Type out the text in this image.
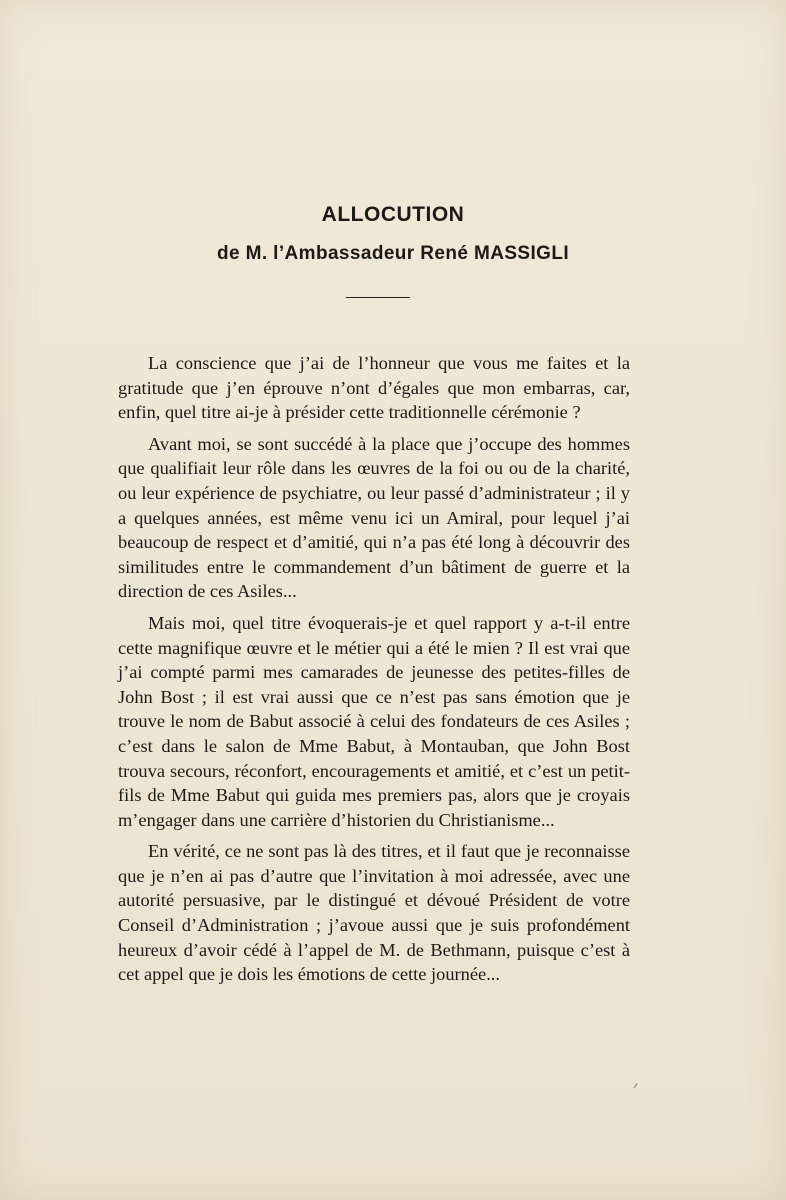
ALLOCUTION
de M. l’Ambassadeur René MASSIGLI

La conscience que j’ai de l’honneur que vous me faites et la gratitude que j’en éprouve n’ont d’égales que mon embarras, car, enfin, quel titre ai-je à présider cette traditionnelle cérémonie ?

Avant moi, se sont succédé à la place que j’occupe des hommes que qualifiait leur rôle dans les œuvres de la foi ou ou de la charité, ou leur expérience de psychiatre, ou leur passé d’administrateur ; il y a quelques années, est même venu ici un Amiral, pour lequel j’ai beaucoup de respect et d’amitié, qui n’a pas été long à découvrir des similitudes entre le commandement d’un bâtiment de guerre et la direction de ces Asiles...

Mais moi, quel titre évoquerais-je et quel rapport y a-t-il entre cette magnifique œuvre et le métier qui a été le mien ? Il est vrai que j’ai compté parmi mes camarades de jeunesse des petites-filles de John Bost ; il est vrai aussi que ce n’est pas sans émotion que je trouve le nom de Babut associé à celui des fondateurs de ces Asiles ; c’est dans le salon de Mme Babut, à Montauban, que John Bost trouva secours, réconfort, encouragements et amitié, et c’est un petit-fils de Mme Babut qui guida mes premiers pas, alors que je croyais m’engager dans une carrière d’historien du Christianisme...

En vérité, ce ne sont pas là des titres, et il faut que je reconnaisse que je n’en ai pas d’autre que l’invitation à moi adressée, avec une autorité persuasive, par le distingué et dévoué Président de votre Conseil d’Administration ; j’avoue aussi que je suis profondément heureux d’avoir cédé à l’appel de M. de Bethmann, puisque c’est à cet appel que je dois les émotions de cette journée...
